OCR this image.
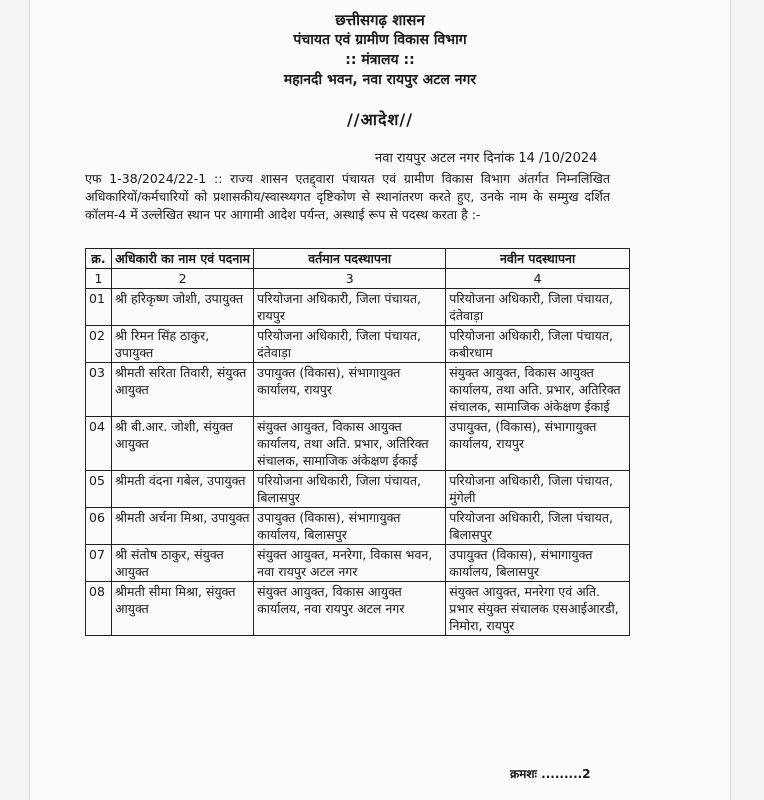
छत्तीसगढ़ शासन
पंचायत एवं ग्रामीण विकास विभाग
:: मंत्रालय ::
महानदी भवन, नवा रायपुर अटल नगर
//आदेश//
नवा रायपुर अटल नगर दिनांक 14 /10/2024
एफ 1-38/2024/22-1 :: राज्य शासन एतद्द्वारा पंचायत एवं ग्रामीण विकास विभाग अंतर्गत निम्नलिखित अधिकारियों/कर्मचारियों को प्रशासकीय/स्वास्थ्यगत दृष्टिकोण से स्थानांतरण करते हुए, उनके नाम के सम्मुख दर्शित कॉलम-4 में उल्लेखित स्थान पर आगामी आदेश पर्यन्त, अस्थाई रूप से पदस्थ करता है :-
क्र.	अधिकारी का नाम एवं पदनाम	वर्तमान पदस्थापना	नवीन पदस्थापना
1	2	3	4
01	श्री हरिकृष्ण जोशी, उपायुक्त	परियोजना अधिकारी, जिला पंचायत, रायपुर	परियोजना अधिकारी, जिला पंचायत, दंतेवाड़ा
02	श्री रिमन सिंह ठाकुर, उपायुक्त	परियोजना अधिकारी, जिला पंचायत, दंतेवाड़ा	परियोजना अधिकारी, जिला पंचायत, कबीरधाम
03	श्रीमती सरिता तिवारी, संयुक्त आयुक्त	उपायुक्त (विकास), संभागायुक्त कार्यालय, रायपुर	संयुक्त आयुक्त, विकास आयुक्त कार्यालय, तथा अति. प्रभार, अतिरिक्त संचालक, सामाजिक अंकेक्षण ईकाई
04	श्री बी.आर. जोशी, संयुक्त आयुक्त	संयुक्त आयुक्त, विकास आयुक्त कार्यालय, तथा अति. प्रभार, अतिरिक्त संचालक, सामाजिक अंकेक्षण ईकाई	उपायुक्त, (विकास), संभागायुक्त कार्यालय, रायपुर
05	श्रीमती वंदना गबेल, उपायुक्त	परियोजना अधिकारी, जिला पंचायत, बिलासपुर	परियोजना अधिकारी, जिला पंचायत, मुंगेली
06	श्रीमती अर्चना मिश्रा, उपायुक्त	उपायुक्त (विकास), संभागायुक्त कार्यालय, बिलासपुर	परियोजना अधिकारी, जिला पंचायत, बिलासपुर
07	श्री संतोष ठाकुर, संयुक्त आयुक्त	संयुक्त आयुक्त, मनरेगा, विकास भवन, नवा रायपुर अटल नगर	उपायुक्त (विकास), संभागायुक्त कार्यालय, बिलासपुर
08	श्रीमती सीमा मिश्रा, संयुक्त आयुक्त	संयुक्त आयुक्त, विकास आयुक्त कार्यालय, नवा रायपुर अटल नगर	संयुक्त आयुक्त, मनरेगा एवं अति. प्रभार संयुक्त संचालक एसआईआरडी, निमोरा, रायपुर
क्रमशः .........2
